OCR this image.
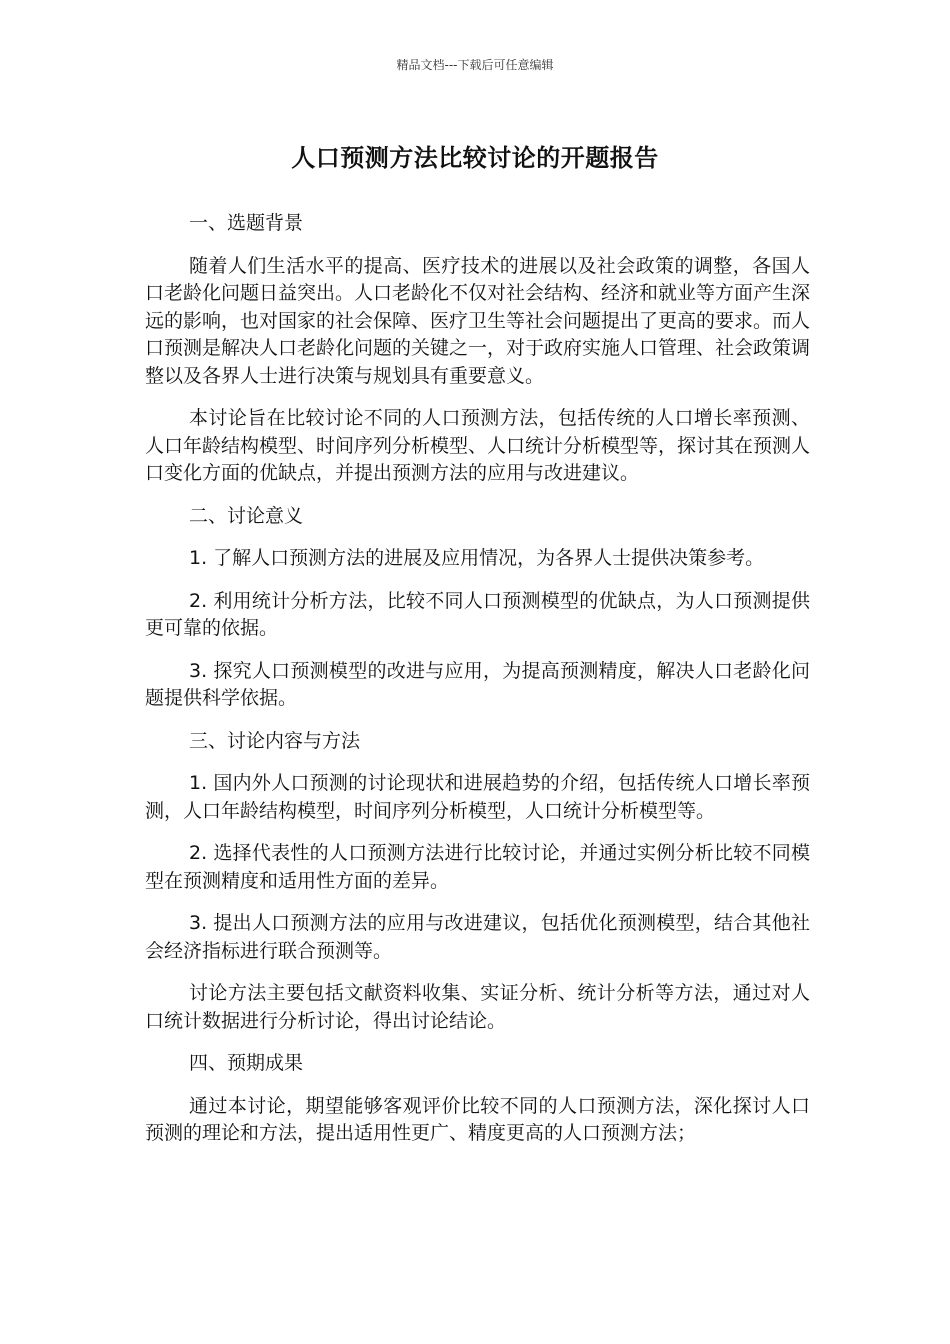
精品文档---下载后可任意编辑
人口预测方法比较讨论的开题报告
一、选题背景
随着人们生活水平的提高、医疗技术的进展以及社会政策的调整，各国人口老龄化问题日益突出。人口老龄化不仅对社会结构、经济和就业等方面产生深远的影响，也对国家的社会保障、医疗卫生等社会问题提出了更高的要求。而人口预测是解决人口老龄化问题的关键之一，对于政府实施人口管理、社会政策调整以及各界人士进行决策与规划具有重要意义。
本讨论旨在比较讨论不同的人口预测方法，包括传统的人口增长率预测、人口年龄结构模型、时间序列分析模型、人口统计分析模型等，探讨其在预测人口变化方面的优缺点，并提出预测方法的应用与改进建议。
二、讨论意义
1. 了解人口预测方法的进展及应用情况，为各界人士提供决策参考。
2. 利用统计分析方法，比较不同人口预测模型的优缺点，为人口预测提供更可靠的依据。
3. 探究人口预测模型的改进与应用，为提高预测精度，解决人口老龄化问题提供科学依据。
三、讨论内容与方法
1. 国内外人口预测的讨论现状和进展趋势的介绍，包括传统人口增长率预测，人口年龄结构模型，时间序列分析模型，人口统计分析模型等。
2. 选择代表性的人口预测方法进行比较讨论，并通过实例分析比较不同模型在预测精度和适用性方面的差异。
3. 提出人口预测方法的应用与改进建议，包括优化预测模型，结合其他社会经济指标进行联合预测等。
讨论方法主要包括文献资料收集、实证分析、统计分析等方法，通过对人口统计数据进行分析讨论，得出讨论结论。
四、预期成果
通过本讨论，期望能够客观评价比较不同的人口预测方法，深化探讨人口预测的理论和方法，提出适用性更广、精度更高的人口预测方法；
